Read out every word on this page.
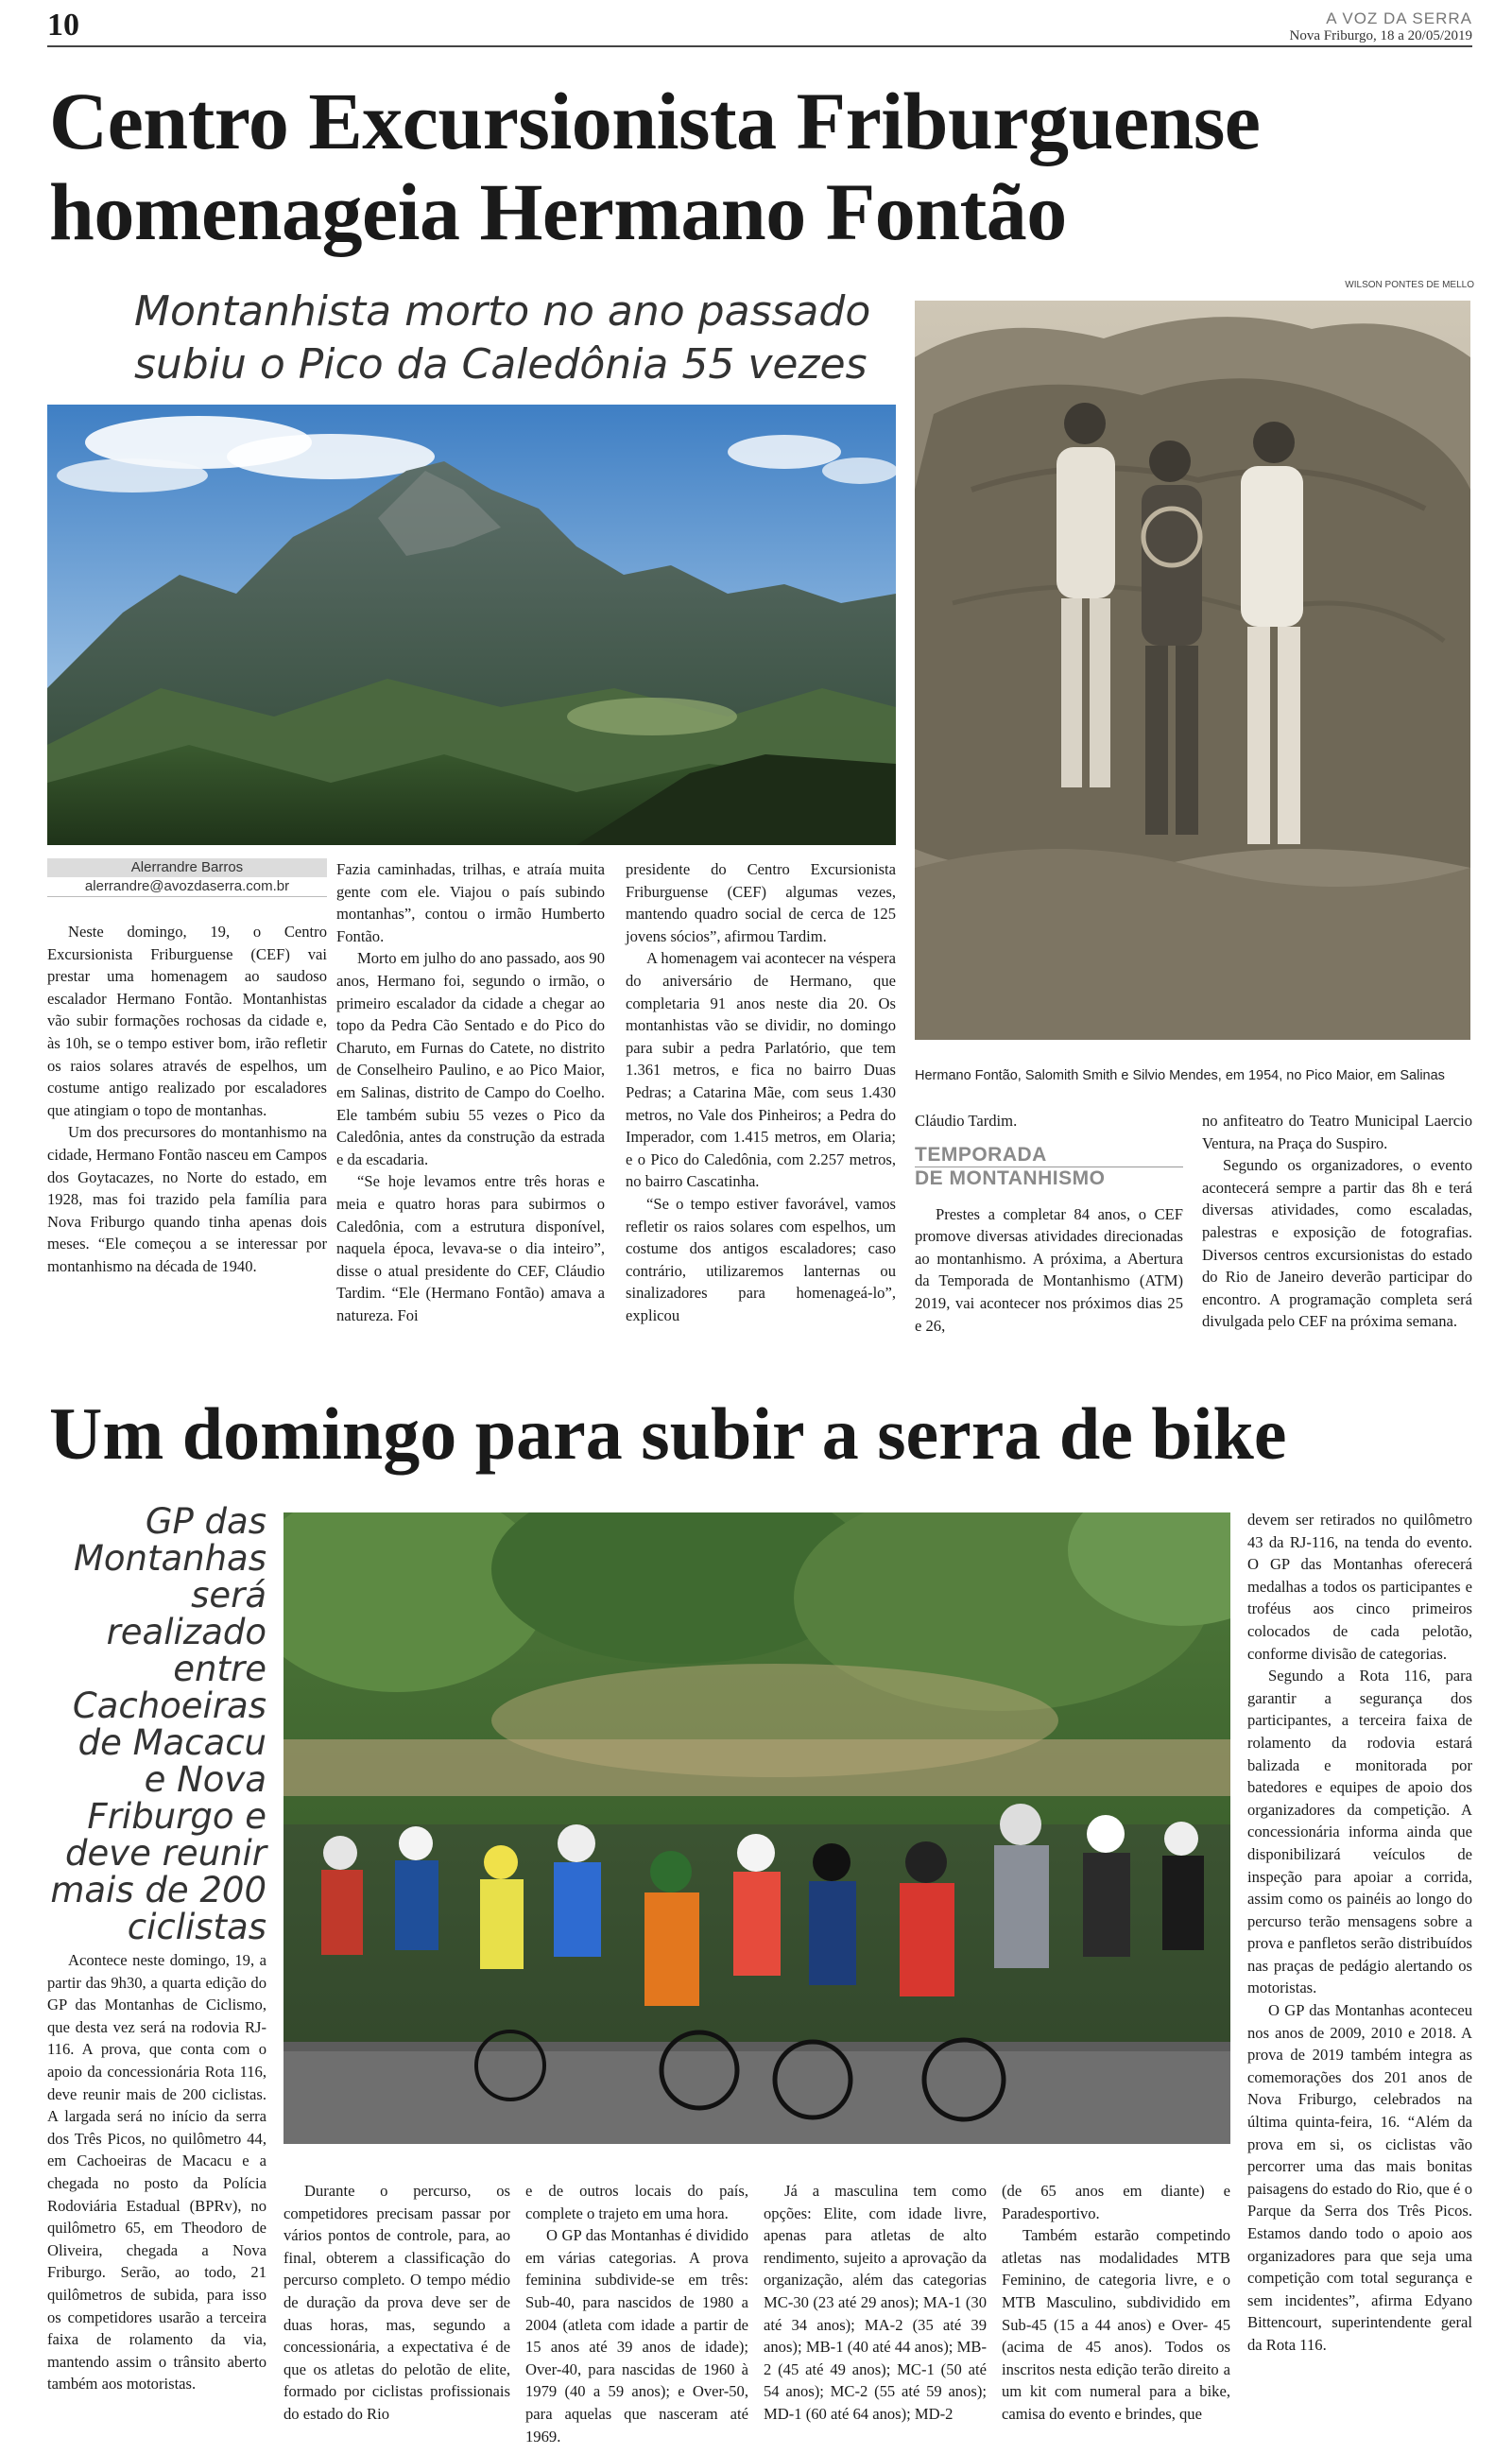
10	A VOZ DA SERRA
Nova Friburgo, 18 a 20/05/2019
Centro Excursionista Friburguense
homenageia Hermano Fontão
Montanhista morto no ano passado
subiu o Pico da Caledônia 55 vezes
WILSON PONTES DE MELLO
Hermano Fontão, Salomith Smith e Silvio Mendes, em 1954, no Pico Maior, em Salinas
Alerrandre Barros
alerrandre@avozdaserra.com.br

Neste domingo, 19, o Centro Excursionista Friburguense (CEF) vai prestar uma homenagem ao saudoso escalador Hermano Fontão. Montanhistas vão subir formações rochosas da cidade e, às 10h, se o tempo estiver bom, irão refletir os raios solares através de espelhos, um costume antigo realizado por escaladores que atingiam o topo de montanhas.

Um dos precursores do montanhismo na cidade, Hermano Fontão nasceu em Campos dos Goytacazes, no Norte do estado, em 1928, mas foi trazido pela família para Nova Friburgo quando tinha apenas dois meses. “Ele começou a se interessar por montanhismo na década de 1940.

Fazia caminhadas, trilhas, e atraía muita gente com ele. Viajou o país subindo montanhas”, contou o irmão Humberto Fontão.

Morto em julho do ano passado, aos 90 anos, Hermano foi, segundo o irmão, o primeiro escalador da cidade a chegar ao topo da Pedra Cão Sentado e do Pico do Charuto, em Furnas do Catete, no distrito de Conselheiro Paulino, e ao Pico Maior, em Salinas, distrito de Campo do Coelho. Ele também subiu 55 vezes o Pico da Caledônia, antes da construção da estrada e da escadaria.

“Se hoje levamos entre três horas e meia e quatro horas para subirmos o Caledônia, com a estrutura disponível, naquela época, levava-se o dia inteiro”, disse o atual presidente do CEF, Cláudio Tardim. “Ele (Hermano Fontão) amava a natureza. Foi

presidente do Centro Excursionista Friburguense (CEF) algumas vezes, mantendo quadro social de cerca de 125 jovens sócios”, afirmou Tardim.

A homenagem vai acontecer na véspera do aniversário de Hermano, que completaria 91 anos neste dia 20. Os montanhistas vão se dividir, no domingo para subir a pedra Parlatório, que tem 1.361 metros, e fica no bairro Duas Pedras; a Catarina Mãe, com seus 1.430 metros, no Vale dos Pinheiros; a Pedra do Imperador, com 1.415 metros, em Olaria; e o Pico do Caledônia, com 2.257 metros, no bairro Cascatinha.

“Se o tempo estiver favorável, vamos refletir os raios solares com espelhos, um costume dos antigos escaladores; caso contrário, utilizaremos lanternas ou sinalizadores para homenageá-lo”, explicou

Cláudio Tardim.

TEMPORADA
DE MONTANHISMO

Prestes a completar 84 anos, o CEF promove diversas atividades direcionadas ao montanhismo. A próxima, a Abertura da Temporada de Montanhismo (ATM) 2019, vai acontecer nos próximos dias 25 e 26,

no anfiteatro do Teatro Municipal Laercio Ventura, na Praça do Suspiro.

Segundo os organizadores, o evento acontecerá sempre a partir das 8h e terá diversas atividades, como escaladas, palestras e exposição de fotografias. Diversos centros excursionistas do estado do Rio de Janeiro deverão participar do encontro. A programação completa será divulgada pelo CEF na próxima semana.

Um domingo para subir a serra de bike
GP das Montanhas será realizado entre Cachoeiras de Macacu e Nova Friburgo e deve reunir mais de 200 ciclistas

Acontece neste domingo, 19, a partir das 9h30, a quarta edição do GP das Montanhas de Ciclismo, que desta vez será na rodovia RJ-116. A prova, que conta com o apoio da concessionária Rota 116, deve reunir mais de 200 ciclistas. A largada será no início da serra dos Três Picos, no quilômetro 44, em Cachoeiras de Macacu e a chegada no posto da Polícia Rodoviária Estadual (BPRv), no quilômetro 65, em Theodoro de Oliveira, chegada a Nova Friburgo. Serão, ao todo, 21 quilômetros de subida, para isso os competidores usarão a terceira faixa de rolamento da via, mantendo assim o trânsito aberto também aos motoristas.

Durante o percurso, os competidores precisam passar por vários pontos de controle, para, ao final, obterem a classificação do percurso completo. O tempo médio de duração da prova deve ser de duas horas, mas, segundo a concessionária, a expectativa é de que os atletas do pelotão de elite, formado por ciclistas profissionais do estado do Rio

e de outros locais do país, complete o trajeto em uma hora.

O GP das Montanhas é dividido em várias categorias. A prova feminina subdivide-se em três: Sub-40, para nascidos de 1980 a 2004 (atleta com idade a partir de 15 anos até 39 anos de idade); Over-40, para nascidas de 1960 à 1979 (40 a 59 anos); e Over-50, para aquelas que nasceram até 1969.

Já a masculina tem como opções: Elite, com idade livre, apenas para atletas de alto rendimento, sujeito a aprovação da organização, além das categorias MC-30 (23 até 29 anos); MA-1 (30 até 34 anos); MA-2 (35 até 39 anos); MB-1 (40 até 44 anos); MB-2 (45 até 49 anos); MC-1 (50 até 54 anos); MC-2 (55 até 59 anos); MD-1 (60 até 64 anos); MD-2

(de 65 anos em diante) e Paradesportivo.

Também estarão competindo atletas nas modalidades MTB Feminino, de categoria livre, e o MTB Masculino, subdividido em Sub-45 (15 a 44 anos) e Over- 45 (acima de 45 anos). Todos os inscritos nesta edição terão direito a um kit com numeral para a bike, camisa do evento e brindes, que

devem ser retirados no quilômetro 43 da RJ-116, na tenda do evento. O GP das Montanhas oferecerá medalhas a todos os participantes e troféus aos cinco primeiros colocados de cada pelotão, conforme divisão de categorias.

Segundo a Rota 116, para garantir a segurança dos participantes, a terceira faixa de rolamento da rodovia estará balizada e monitorada por batedores e equipes de apoio dos organizadores da competição. A concessionária informa ainda que disponibilizará veículos de inspeção para apoiar a corrida, assim como os painéis ao longo do percurso terão mensagens sobre a prova e panfletos serão distribuídos nas praças de pedágio alertando os motoristas.

O GP das Montanhas aconteceu nos anos de 2009, 2010 e 2018. A prova de 2019 também integra as comemorações dos 201 anos de Nova Friburgo, celebrados na última quinta-feira, 16. “Além da prova em si, os ciclistas vão percorrer uma das mais bonitas paisagens do estado do Rio, que é o Parque da Serra dos Três Picos. Estamos dando todo o apoio aos organizadores para que seja uma competição com total segurança e sem incidentes”, afirma Edyano Bittencourt, superintendente geral da Rota 116.
